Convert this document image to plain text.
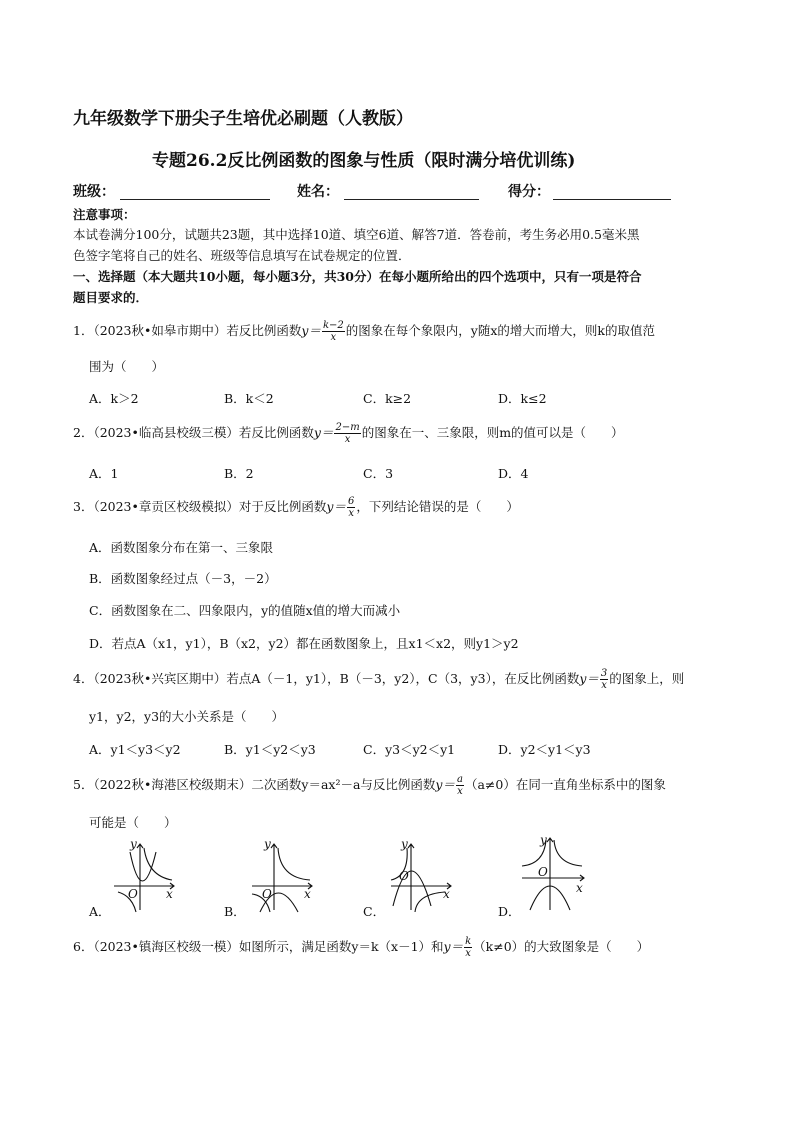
九年级数学下册尖子生培优必刷题（人教版）
专题26.2反比例函数的图象与性质（限时满分培优训练)
班级：	姓名：	得分：
注意事项：
本试卷满分100分，试题共23题，其中选择10道、填空6道、解答7道．答卷前，考生务必用0.5毫米黑
色签字笔将自己的姓名、班级等信息填写在试卷规定的位置．
一、选择题（本大题共10小题，每小题3分，共30分）在每小题所给出的四个选项中，只有一项是符合
题目要求的．
1．（2023秋•如皋市期中）若反比例函数$y= \frac{k-2}{x}$ 的图象在每个象限内，y随x的增大而增大，则k的取值范
围为（　　）
A．k＞2	B．k＜2	C．k≥2	D．k≤2
2．（2023•临高县校级三模）若反比例函数$y= \frac{2-m}{x}$ 的图象在一、三象限，则m的值可以是（　　）
A．1	B．2	C．3	D．4
3．（2023•章贡区校级模拟）对于反比例函数$y= \frac{6}{x}$ ，下列结论错误的是（　　）
A．函数图象分布在第一、三象限
B．函数图象经过点（－3，－2）
C．函数图象在二、四象限内，y的值随x值的增大而减小
D．若点A（x1，y1），B（x2，y2）都在函数图象上，且x1＜x2，则y1＞y2
4．（2023秋•兴宾区期中）若点A（－1，y1），B（－3，y2），C（3，y3），在反比例函数$y= \frac{3}{x}$ 的图象上，则
y1，y2，y3的大小关系是（　　）
A．y1＜y3＜y2	B．y1＜y2＜y3	C．y3＜y2＜y1	D．y2＜y1＜y3
5．（2022秋•海港区校级期末）二次函数y＝ax²－a与反比例函数$y= \frac{a}{x} (a\ne 0)$在同一直角坐标系中的图象
可能是（　　）
y
x
O
A．
y
x
O
B．
y
x
O
C．
y
x
O
D．
6．（2023•镇海区校级一模）如图所示，满足函数y＝k（x－1）和$y= \frac{k}{x} (k\ne 0)$的大致图象是（　　）
